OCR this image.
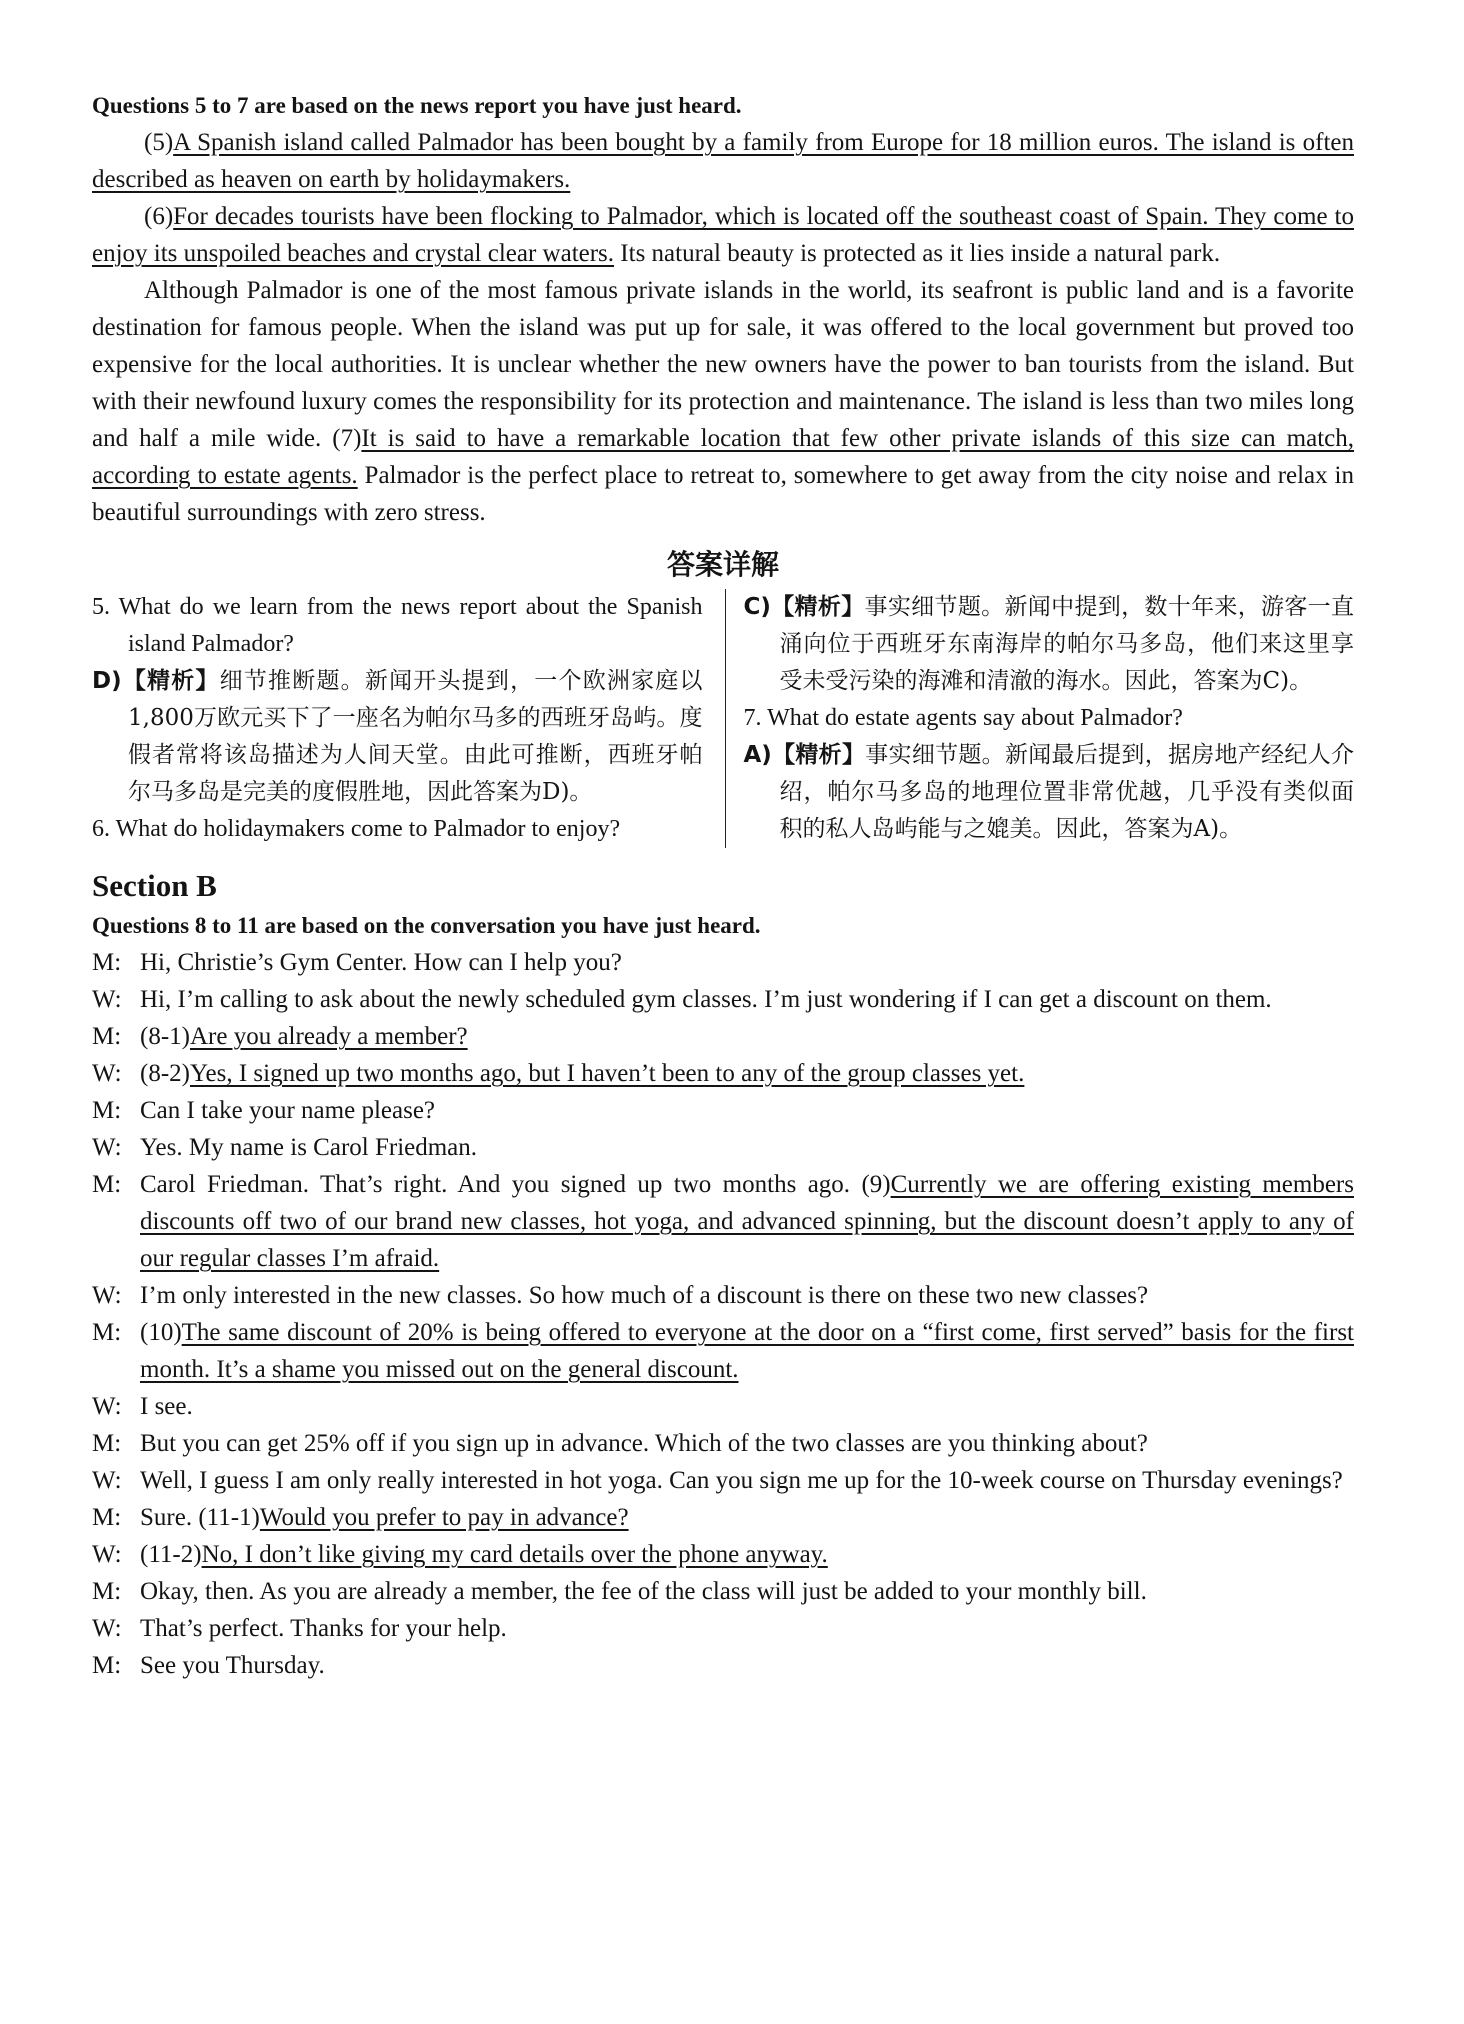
Questions 5 to 7 are based on the news report you have just heard.
(5)A Spanish island called Palmador has been bought by a family from Europe for 18 million euros. The island is often described as heaven on earth by holidaymakers.
(6)For decades tourists have been flocking to Palmador, which is located off the southeast coast of Spain. They come to enjoy its unspoiled beaches and crystal clear waters. Its natural beauty is protected as it lies inside a natural park.
Although Palmador is one of the most famous private islands in the world, its seafront is public land and is a favorite destination for famous people. When the island was put up for sale, it was offered to the local government but proved too expensive for the local authorities. It is unclear whether the new owners have the power to ban tourists from the island. But with their newfound luxury comes the responsibility for its protection and maintenance. The island is less than two miles long and half a mile wide. (7)It is said to have a remarkable location that few other private islands of this size can match, according to estate agents. Palmador is the perfect place to retreat to, somewhere to get away from the city noise and relax in beautiful surroundings with zero stress.
答案详解
5. What do we learn from the news report about the Spanish island Palmador?
D)【精析】细节推断题。新闻开头提到，一个欧洲家庭以1,800万欧元买下了一座名为帕尔马多的西班牙岛屿。度假者常将该岛描述为人间天堂。由此可推断，西班牙帕尔马多岛是完美的度假胜地，因此答案为D)。
6. What do holidaymakers come to Palmador to enjoy?
C)【精析】事实细节题。新闻中提到，数十年来，游客一直涌向位于西班牙东南海岸的帕尔马多岛，他们来这里享受未受污染的海滩和清澈的海水。因此，答案为C)。
7. What do estate agents say about Palmador?
A)【精析】事实细节题。新闻最后提到，据房地产经纪人介绍，帕尔马多岛的地理位置非常优越，几乎没有类似面积的私人岛屿能与之媲美。因此，答案为A)。
Section B
Questions 8 to 11 are based on the conversation you have just heard.
M: Hi, Christie’s Gym Center. How can I help you?
W: Hi, I’m calling to ask about the newly scheduled gym classes. I’m just wondering if I can get a discount on them.
M: (8-1)Are you already a member?
W: (8-2)Yes, I signed up two months ago, but I haven’t been to any of the group classes yet.
M: Can I take your name please?
W: Yes. My name is Carol Friedman.
M: Carol Friedman. That’s right. And you signed up two months ago. (9)Currently we are offering existing members discounts off two of our brand new classes, hot yoga, and advanced spinning, but the discount doesn’t apply to any of our regular classes I’m afraid.
W: I’m only interested in the new classes. So how much of a discount is there on these two new classes?
M: (10)The same discount of 20% is being offered to everyone at the door on a “first come, first served” basis for the first month. It’s a shame you missed out on the general discount.
W: I see.
M: But you can get 25% off if you sign up in advance. Which of the two classes are you thinking about?
W: Well, I guess I am only really interested in hot yoga. Can you sign me up for the 10-week course on Thursday evenings?
M: Sure. (11-1)Would you prefer to pay in advance?
W: (11-2)No, I don’t like giving my card details over the phone anyway.
M: Okay, then. As you are already a member, the fee of the class will just be added to your monthly bill.
W: That’s perfect. Thanks for your help.
M: See you Thursday.
